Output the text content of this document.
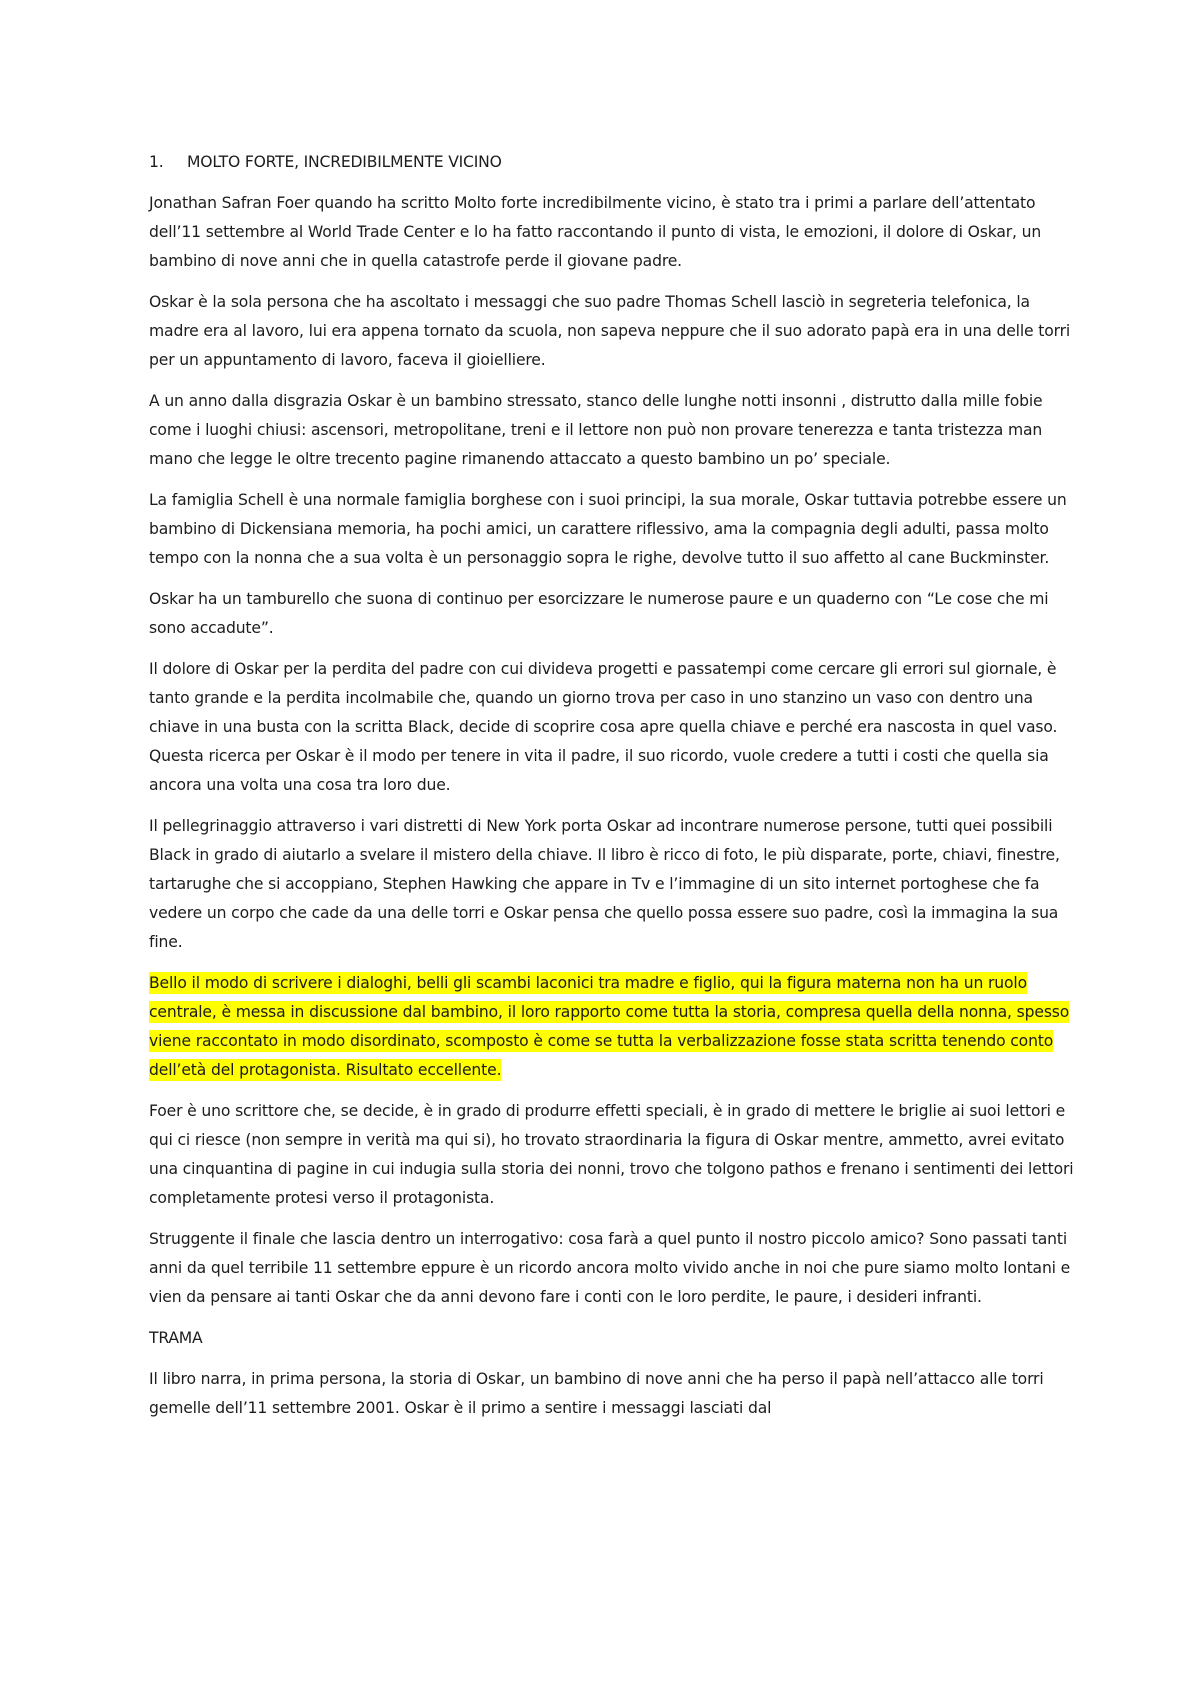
1. MOLTO FORTE, INCREDIBILMENTE VICINO

Jonathan Safran Foer quando ha scritto Molto forte incredibilmente vicino, è stato tra i primi a parlare dell’attentato dell’11 settembre al World Trade Center e lo ha fatto raccontando il punto di vista, le emozioni, il dolore di Oskar, un bambino di nove anni che in quella catastrofe perde il giovane padre.

Oskar è la sola persona che ha ascoltato i messaggi che suo padre Thomas Schell lasciò in segreteria telefonica, la madre era al lavoro, lui era appena tornato da scuola, non sapeva neppure che il suo adorato papà era in una delle torri per un appuntamento di lavoro, faceva il gioielliere.

A un anno dalla disgrazia Oskar è un bambino stressato, stanco delle lunghe notti insonni , distrutto dalla mille fobie come i luoghi chiusi: ascensori, metropolitane, treni e il lettore non può non provare tenerezza e tanta tristezza man mano che legge le oltre trecento pagine rimanendo attaccato a questo bambino un po’ speciale.

La famiglia Schell è una normale famiglia borghese con i suoi principi, la sua morale, Oskar tuttavia potrebbe essere un bambino di Dickensiana memoria, ha pochi amici, un carattere riflessivo, ama la compagnia degli adulti, passa molto tempo con la nonna che a sua volta è un personaggio sopra le righe, devolve tutto il suo affetto al cane Buckminster.

Oskar ha un tamburello che suona di continuo per esorcizzare le numerose paure e un quaderno con “Le cose che mi sono accadute”.

Il dolore di Oskar per la perdita del padre con cui divideva progetti e passatempi come cercare gli errori sul giornale, è tanto grande e la perdita incolmabile che, quando un giorno trova per caso in uno stanzino un vaso con dentro una chiave in una busta con la scritta Black, decide di scoprire cosa apre quella chiave e perché era nascosta in quel vaso. Questa ricerca per Oskar è il modo per tenere in vita il padre, il suo ricordo, vuole credere a tutti i costi che quella sia ancora una volta una cosa tra loro due.

Il pellegrinaggio attraverso i vari distretti di New York porta Oskar ad incontrare numerose persone, tutti quei possibili Black in grado di aiutarlo a svelare il mistero della chiave. Il libro è ricco di foto, le più disparate, porte, chiavi, finestre, tartarughe che si accoppiano, Stephen Hawking che appare in Tv e l’immagine di un sito internet portoghese che fa vedere un corpo che cade da una delle torri e Oskar pensa che quello possa essere suo padre, così la immagina la sua fine.

Bello il modo di scrivere i dialoghi, belli gli scambi laconici tra madre e figlio, qui la figura materna non ha un ruolo centrale, è messa in discussione dal bambino, il loro rapporto come tutta la storia, compresa quella della nonna, spesso viene raccontato in modo disordinato, scomposto è come se tutta la verbalizzazione fosse stata scritta tenendo conto dell’età del protagonista. Risultato eccellente.

Foer è uno scrittore che, se decide, è in grado di produrre effetti speciali, è in grado di mettere le briglie ai suoi lettori e qui ci riesce (non sempre in verità ma qui si), ho trovato straordinaria la figura di Oskar mentre, ammetto, avrei evitato una cinquantina di pagine in cui indugia sulla storia dei nonni, trovo che tolgono pathos e frenano i sentimenti dei lettori completamente protesi verso il protagonista.

Struggente il finale che lascia dentro un interrogativo: cosa farà a quel punto il nostro piccolo amico? Sono passati tanti anni da quel terribile 11 settembre eppure è un ricordo ancora molto vivido anche in noi che pure siamo molto lontani e vien da pensare ai tanti Oskar che da anni devono fare i conti con le loro perdite, le paure, i desideri infranti.

TRAMA

Il libro narra, in prima persona, la storia di Oskar, un bambino di nove anni che ha perso il papà nell’attacco alle torri gemelle dell’11 settembre 2001. Oskar è il primo a sentire i messaggi lasciati dal
